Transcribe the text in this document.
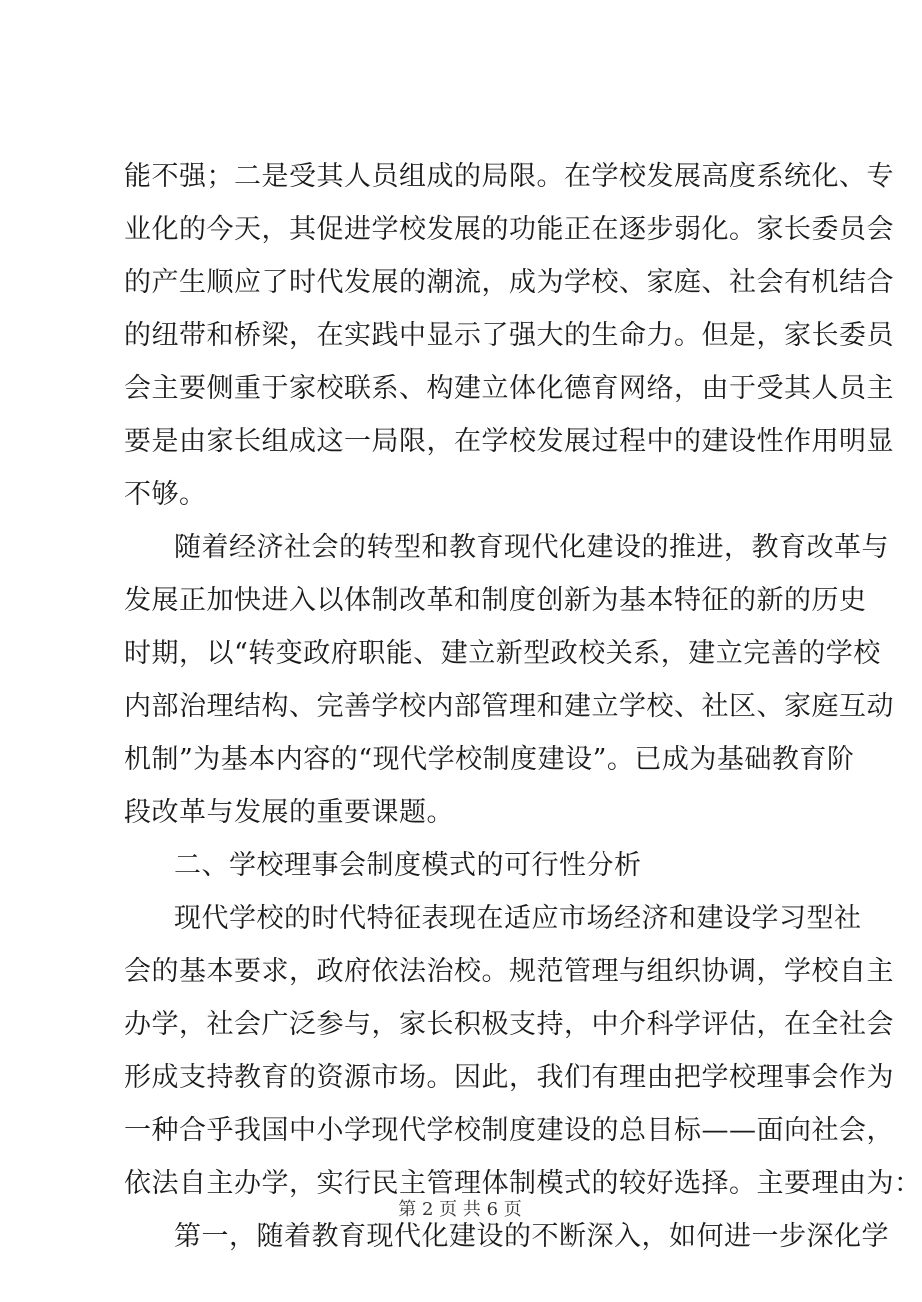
能不强；二是受其人员组成的局限。在学校发展高度系统化、专
业化的今天，其促进学校发展的功能正在逐步弱化。家长委员会
的产生顺应了时代发展的潮流，成为学校、家庭、社会有机结合
的纽带和桥梁，在实践中显示了强大的生命力。但是，家长委员
会主要侧重于家校联系、构建立体化德育网络，由于受其人员主
要是由家长组成这一局限，在学校发展过程中的建设性作用明显
不够。
随着经济社会的转型和教育现代化建设的推进，教育改革与
发展正加快进入以体制改革和制度创新为基本特征的新的历史
时期，以“转变政府职能、建立新型政校关系，建立完善的学校
内部治理结构、完善学校内部管理和建立学校、社区、家庭互动
机制”为基本内容的“现代学校制度建设”。已成为基础教育阶
段改革与发展的重要课题。
二、学校理事会制度模式的可行性分析
现代学校的时代特征表现在适应市场经济和建设学习型社
会的基本要求，政府依法治校。规范管理与组织协调，学校自主
办学，社会广泛参与，家长积极支持，中介科学评估，在全社会
形成支持教育的资源市场。因此，我们有理由把学校理事会作为
一种合乎我国中小学现代学校制度建设的总目标——面向社会，
依法自主办学，实行民主管理体制模式的较好选择。主要理由为：
第一，随着教育现代化建设的不断深入，如何进一步深化学
第 2 页 共 6 页
